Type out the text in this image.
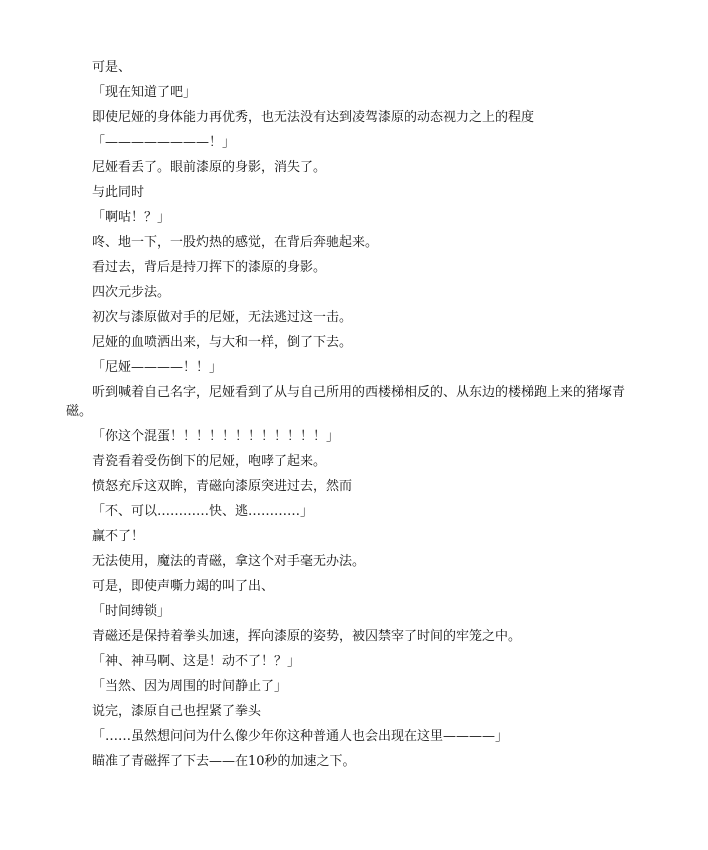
可是、

「现在知道了吧」

即使尼娅的身体能力再优秀，也无法没有达到凌驾漆原的动态视力之上的程度

「————————！」

尼娅看丢了。眼前漆原的身影，消失了。

与此同时

「啊咕！？」

咚、地一下，一股灼热的感觉，在背后奔驰起来。

看过去，背后是持刀挥下的漆原的身影。

四次元步法。

初次与漆原做对手的尼娅，无法逃过这一击。

尼娅的血喷洒出来，与大和一样，倒了下去。

「尼娅————！！」

听到喊着自己名字，尼娅看到了从与自己所用的西楼梯相反的、从东边的楼梯跑上来的猪塚青磁。

「你这个混蛋！！！！！！！！！！！！」

青瓷看着受伤倒下的尼娅，咆哮了起来。

愤怒充斥这双眸，青磁向漆原突进过去，然而

「不、可以…………快、逃…………」

赢不了！

无法使用，魔法的青磁，拿这个对手毫无办法。

可是，即使声嘶力竭的叫了出、

「时间缚锁」

青磁还是保持着拳头加速，挥向漆原的姿势，被囚禁宰了时间的牢笼之中。

「神、神马啊、这是！动不了！？」

「当然、因为周围的时间静止了」

说完，漆原自己也捏紧了拳头

「……虽然想问问为什么像少年你这种普通人也会出现在这里————」

瞄准了青磁挥了下去——在10秒的加速之下。
